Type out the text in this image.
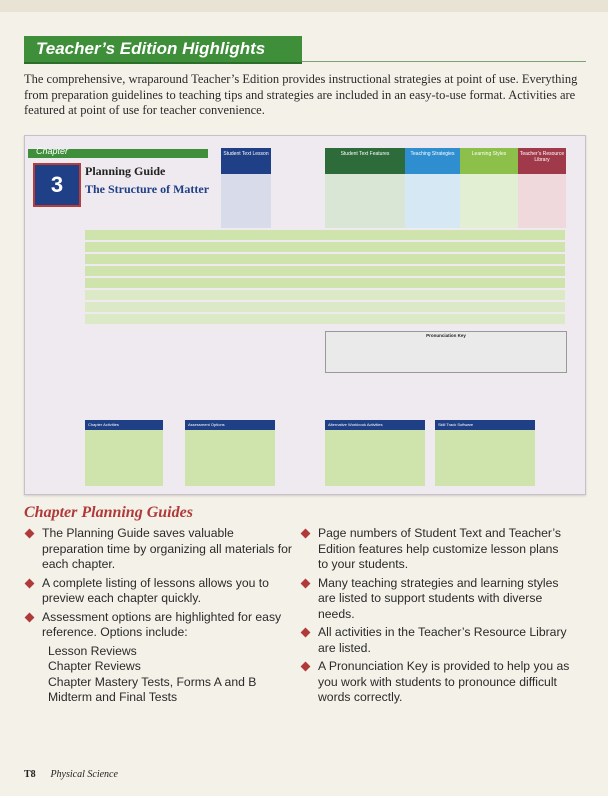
Teacher’s Edition Highlights
The comprehensive, wraparound Teacher’s Edition provides instructional strategies at point of use. Everything from preparation guidelines to teaching tips and strategies are included in an easy-to-use format. Activities are featured at point of use for teacher convenience.
Chapter
3
Planning Guide
The Structure of Matter
Student Text Lesson	Student Text Features	Teaching Strategies	Learning Styles	Teacher’s Resource Library
Pronunciation Key
Chapter Activities	Assessment Options	Alternative Workbook Activities	Skill Track Software
Chapter Planning Guides
The Planning Guide saves valuable preparation time by organizing all materials for each chapter.
A complete listing of lessons allows you to preview each chapter quickly.
Assessment options are highlighted for easy reference. Options include:
Lesson Reviews
Chapter Reviews
Chapter Mastery Tests, Forms A and B
Midterm and Final Tests
Page numbers of Student Text and Teacher’s Edition features help customize lesson plans to your students.
Many teaching strategies and learning styles are listed to support students with diverse needs.
All activities in the Teacher’s Resource Library are listed.
A Pronunciation Key is provided to help you as you work with students to pronounce difficult words correctly.
T8 Physical Science
